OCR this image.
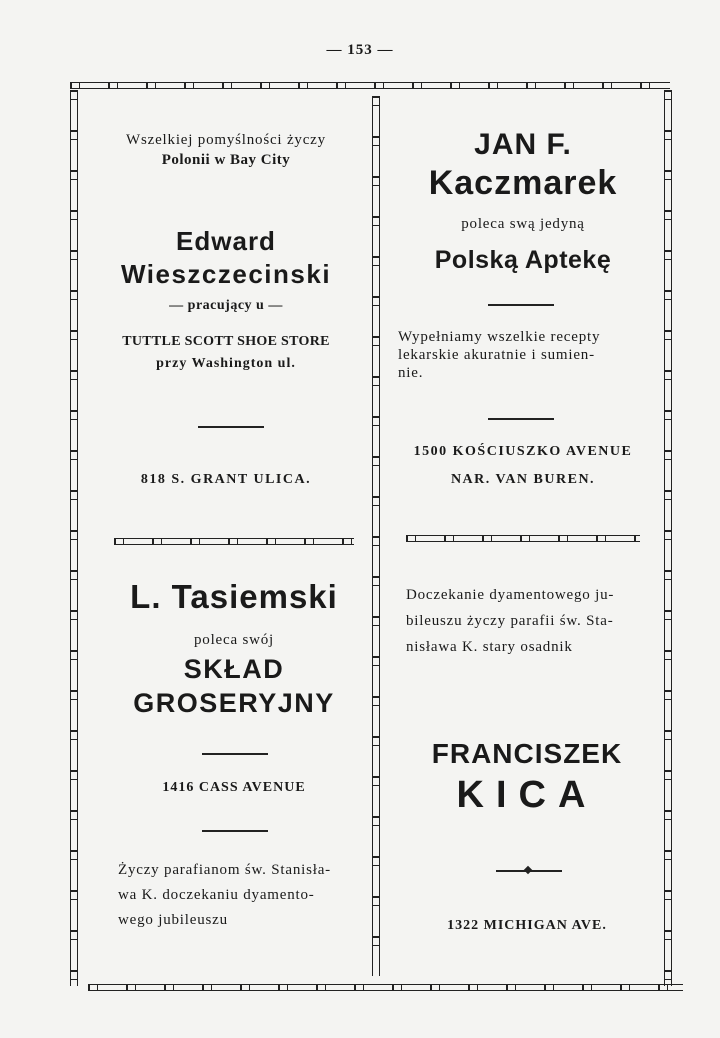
— 153 —
Wszelkiej pomyślności życzy
Polonii w Bay City
Edward
Wieszczecinski
— pracujący u —
TUTTLE SCOTT SHOE STORE
przy Washington ul.
818 S. GRANT ULICA.
JAN F.
Kaczmarek
poleca swą jedyną
Polską Aptekę
Wypełniamy wszelkie recepty
lekarskie akuratnie i sumien-
nie.
1500 KOŚCIUSZKO AVENUE
NAR. VAN BUREN.
L. Tasiemski
poleca swój
SKŁAD
GROSERYJNY
1416 CASS AVENUE
Życzy parafianom św. Stanisła-
wa K. doczekaniu dyamento-
wego jubileuszu
Doczekanie dyamentowego ju-
bileuszu życzy parafii św. Sta-
nisława K. stary osadnik
FRANCISZEK
KICA
1322 MICHIGAN AVE.
